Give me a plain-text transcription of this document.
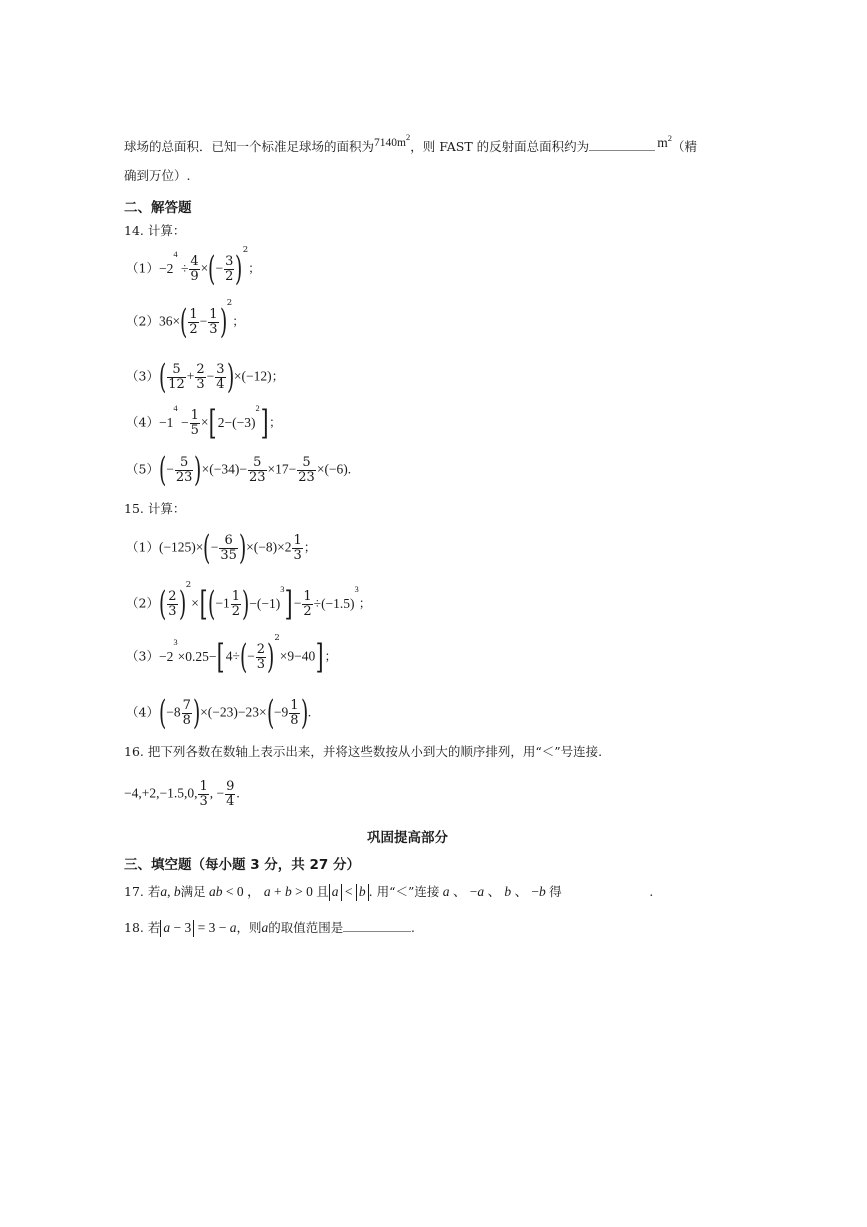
球场的总面积．已知一个标准足球场的面积为$7140m^2$，则 FAST 的反射面总面积约为	$m^2$（精
确到万位）.
二、解答题
14. 计算：
$(1)-2^4 \div \frac{4}{9}$ ×(− $\frac{3}{2} )^2$；
$(2)36\times( \frac{1}{2} - \frac{1}{3} )^2$；
$(3)( \frac{5}{12} + \frac{2}{3} - \frac{3}{4} )\times(-12)$；
$(4)-1^4 - \frac{1}{5} \times[2-(-3)^2]$；
$(5)(- \frac{5}{23} )\times(-34)- \frac{5}{23} \times 17- \frac{5}{23} \times(-6)$.
15. 计算：
$(1)(-125)\times(- \frac{6}{35} )\times(-8)\times 2 \frac{1}{3}$ ；
$(2)( \frac{2}{3} )^2\times[(-1 \frac{1}{2} )-(-1)^3]- \frac{1}{2} \div(-1.5)^3$；
$(3)-2^3\times 0.25-[4\div(- \frac{2}{3} )^2\times 9-40]$；
$(4)(-8 \frac{7}{8} )\times(-23)-23\times(-9 \frac{1}{8}$ ).
16. 把下列各数在数轴上表示出来，并将这些数按从小到大的顺序排列，用“＜”号连接.
−4,+2,−1.5,0, $\frac{1}{3}$ , − $\frac{9}{4}$ .
巩固提高部分
三、填空题（每小题 3 分，共 27 分）
17. 若a, b满足 ab < 0 ， a + b > 0 且 a < b . 用“＜”连接 a 、 −a 、 b 、 −b 得	.
18. 若 a − 3 = 3 − a，则a的取值范围是	.
